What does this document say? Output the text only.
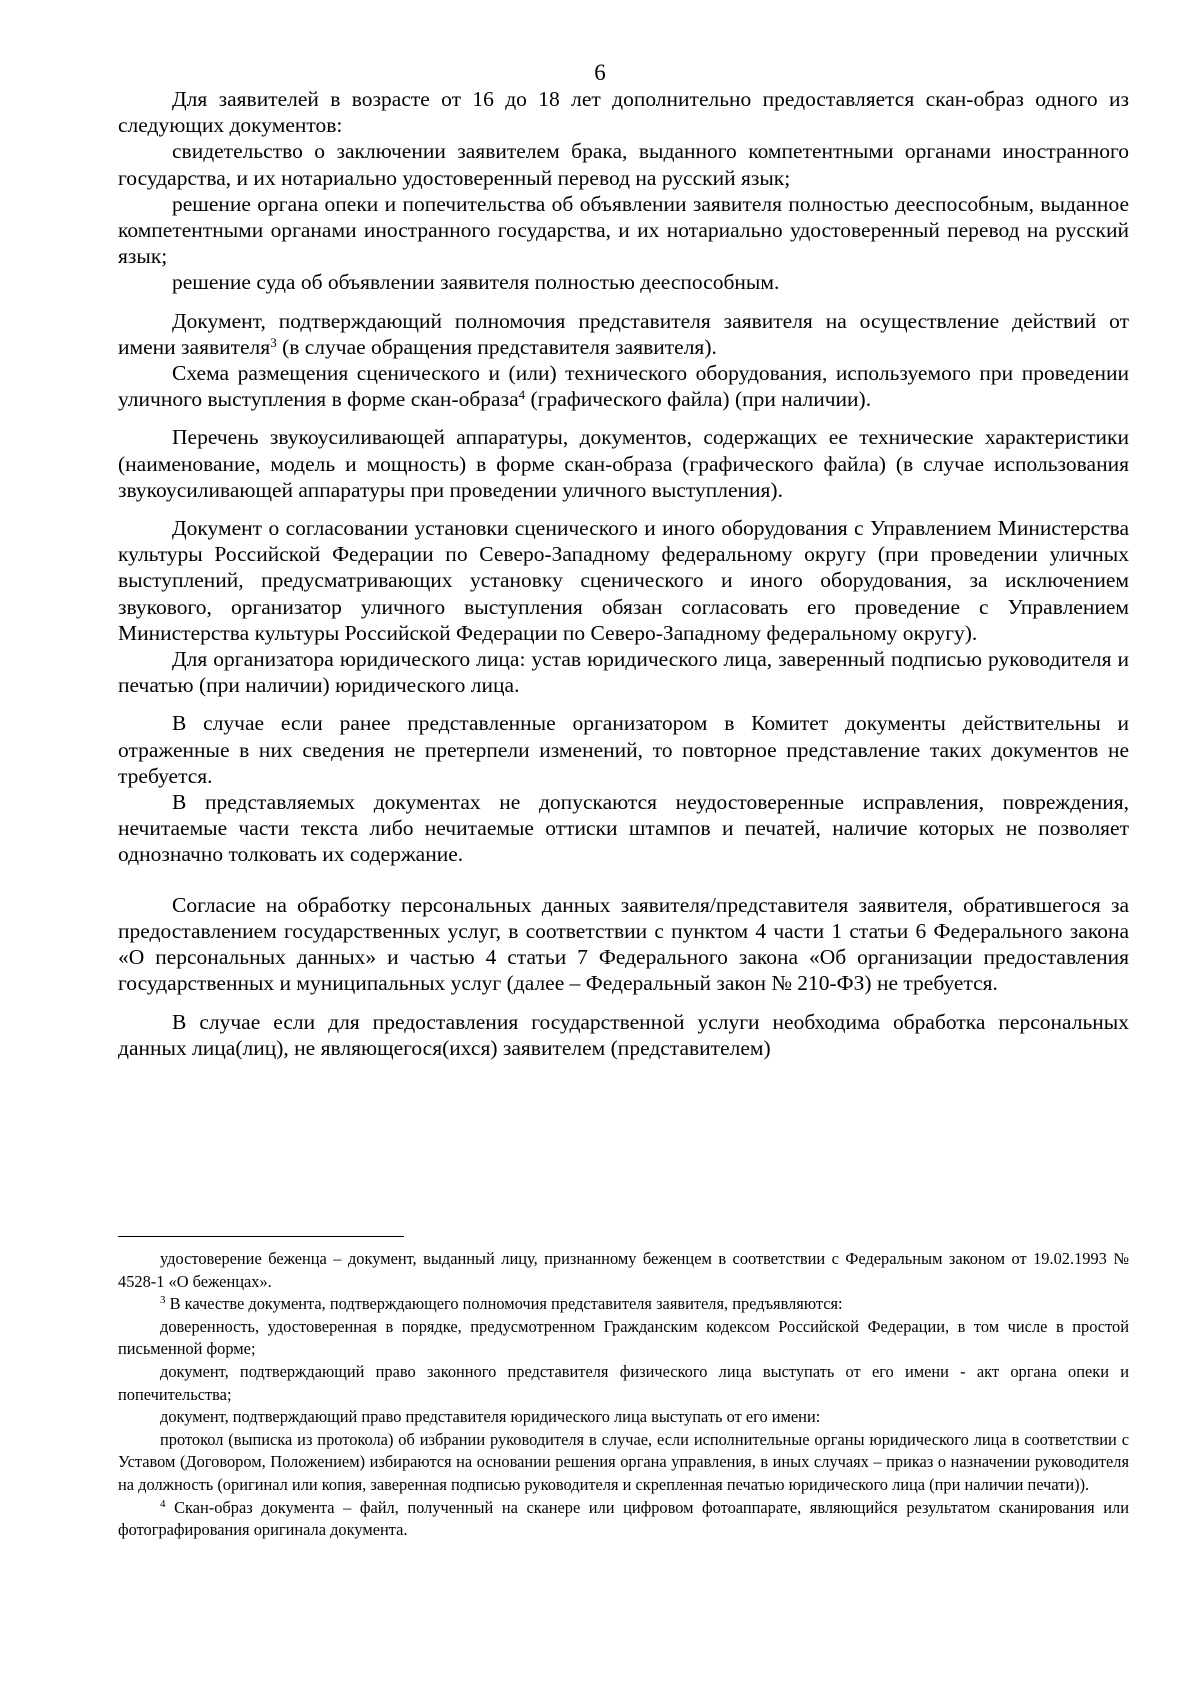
6

Для заявителей в возрасте от 16 до 18 лет дополнительно предоставляется скан-образ одного из следующих документов:

свидетельство о заключении заявителем брака, выданного компетентными органами иностранного государства, и их нотариально удостоверенный перевод на русский язык;

решение органа опеки и попечительства об объявлении заявителя полностью дееспособным, выданное компетентными органами иностранного государства, и их нотариально удостоверенный перевод на русский язык;

решение суда об объявлении заявителя полностью дееспособным.

Документ, подтверждающий полномочия представителя заявителя на осуществление действий от имени заявителя$^3$ (в случае обращения представителя заявителя).

Схема размещения сценического и (или) технического оборудования, используемого при проведении уличного выступления в форме скан-образа$^4$ (графического файла) (при наличии).

Перечень звукоусиливающей аппаратуры, документов, содержащих ее технические характеристики (наименование, модель и мощность) в форме скан-образа (графического файла) (в случае использования звукоусиливающей аппаратуры при проведении уличного выступления).

Документ о согласовании установки сценического и иного оборудования с Управлением Министерства культуры Российской Федерации по Северо-Западному федеральному округу (при проведении уличных выступлений, предусматривающих установку сценического и иного оборудования, за исключением звукового, организатор уличного выступления обязан согласовать его проведение с Управлением Министерства культуры Российской Федерации по Северо-Западному федеральному округу).

Для организатора юридического лица: устав юридического лица, заверенный подписью руководителя и печатью (при наличии) юридического лица.

В случае если ранее представленные организатором в Комитет документы действительны и отраженные в них сведения не претерпели изменений, то повторное представление таких документов не требуется.

В представляемых документах не допускаются неудостоверенные исправления, повреждения, нечитаемые части текста либо нечитаемые оттиски штампов и печатей, наличие которых не позволяет однозначно толковать их содержание.

Согласие на обработку персональных данных заявителя/представителя заявителя, обратившегося за предоставлением государственных услуг, в соответствии с пунктом 4 части 1 статьи 6 Федерального закона «О персональных данных» и частью 4 статьи 7 Федерального закона «Об организации предоставления государственных и муниципальных услуг (далее – Федеральный закон № 210-ФЗ) не требуется.

В случае если для предоставления государственной услуги необходима обработка персональных данных лица(лиц), не являющегося(ихся) заявителем (представителем)

удостоверение беженца – документ, выданный лицу, признанному беженцем в соответствии с Федеральным законом от 19.02.1993 № 4528-1 «О беженцах».

$^3$ В качестве документа, подтверждающего полномочия представителя заявителя, предъявляются:

доверенность, удостоверенная в порядке, предусмотренном Гражданским кодексом Российской Федерации, в том числе в простой письменной форме;

документ, подтверждающий право законного представителя физического лица выступать от его имени - акт органа опеки и попечительства;

документ, подтверждающий право представителя юридического лица выступать от его имени:

протокол (выписка из протокола) об избрании руководителя в случае, если исполнительные органы юридического лица в соответствии с Уставом (Договором, Положением) избираются на основании решения органа управления, в иных случаях – приказ о назначении руководителя на должность (оригинал или копия, заверенная подписью руководителя и скрепленная печатью юридического лица (при наличии печати)).

$^4$ Скан-образ документа – файл, полученный на сканере или цифровом фотоаппарате, являющийся результатом сканирования или фотографирования оригинала документа.
